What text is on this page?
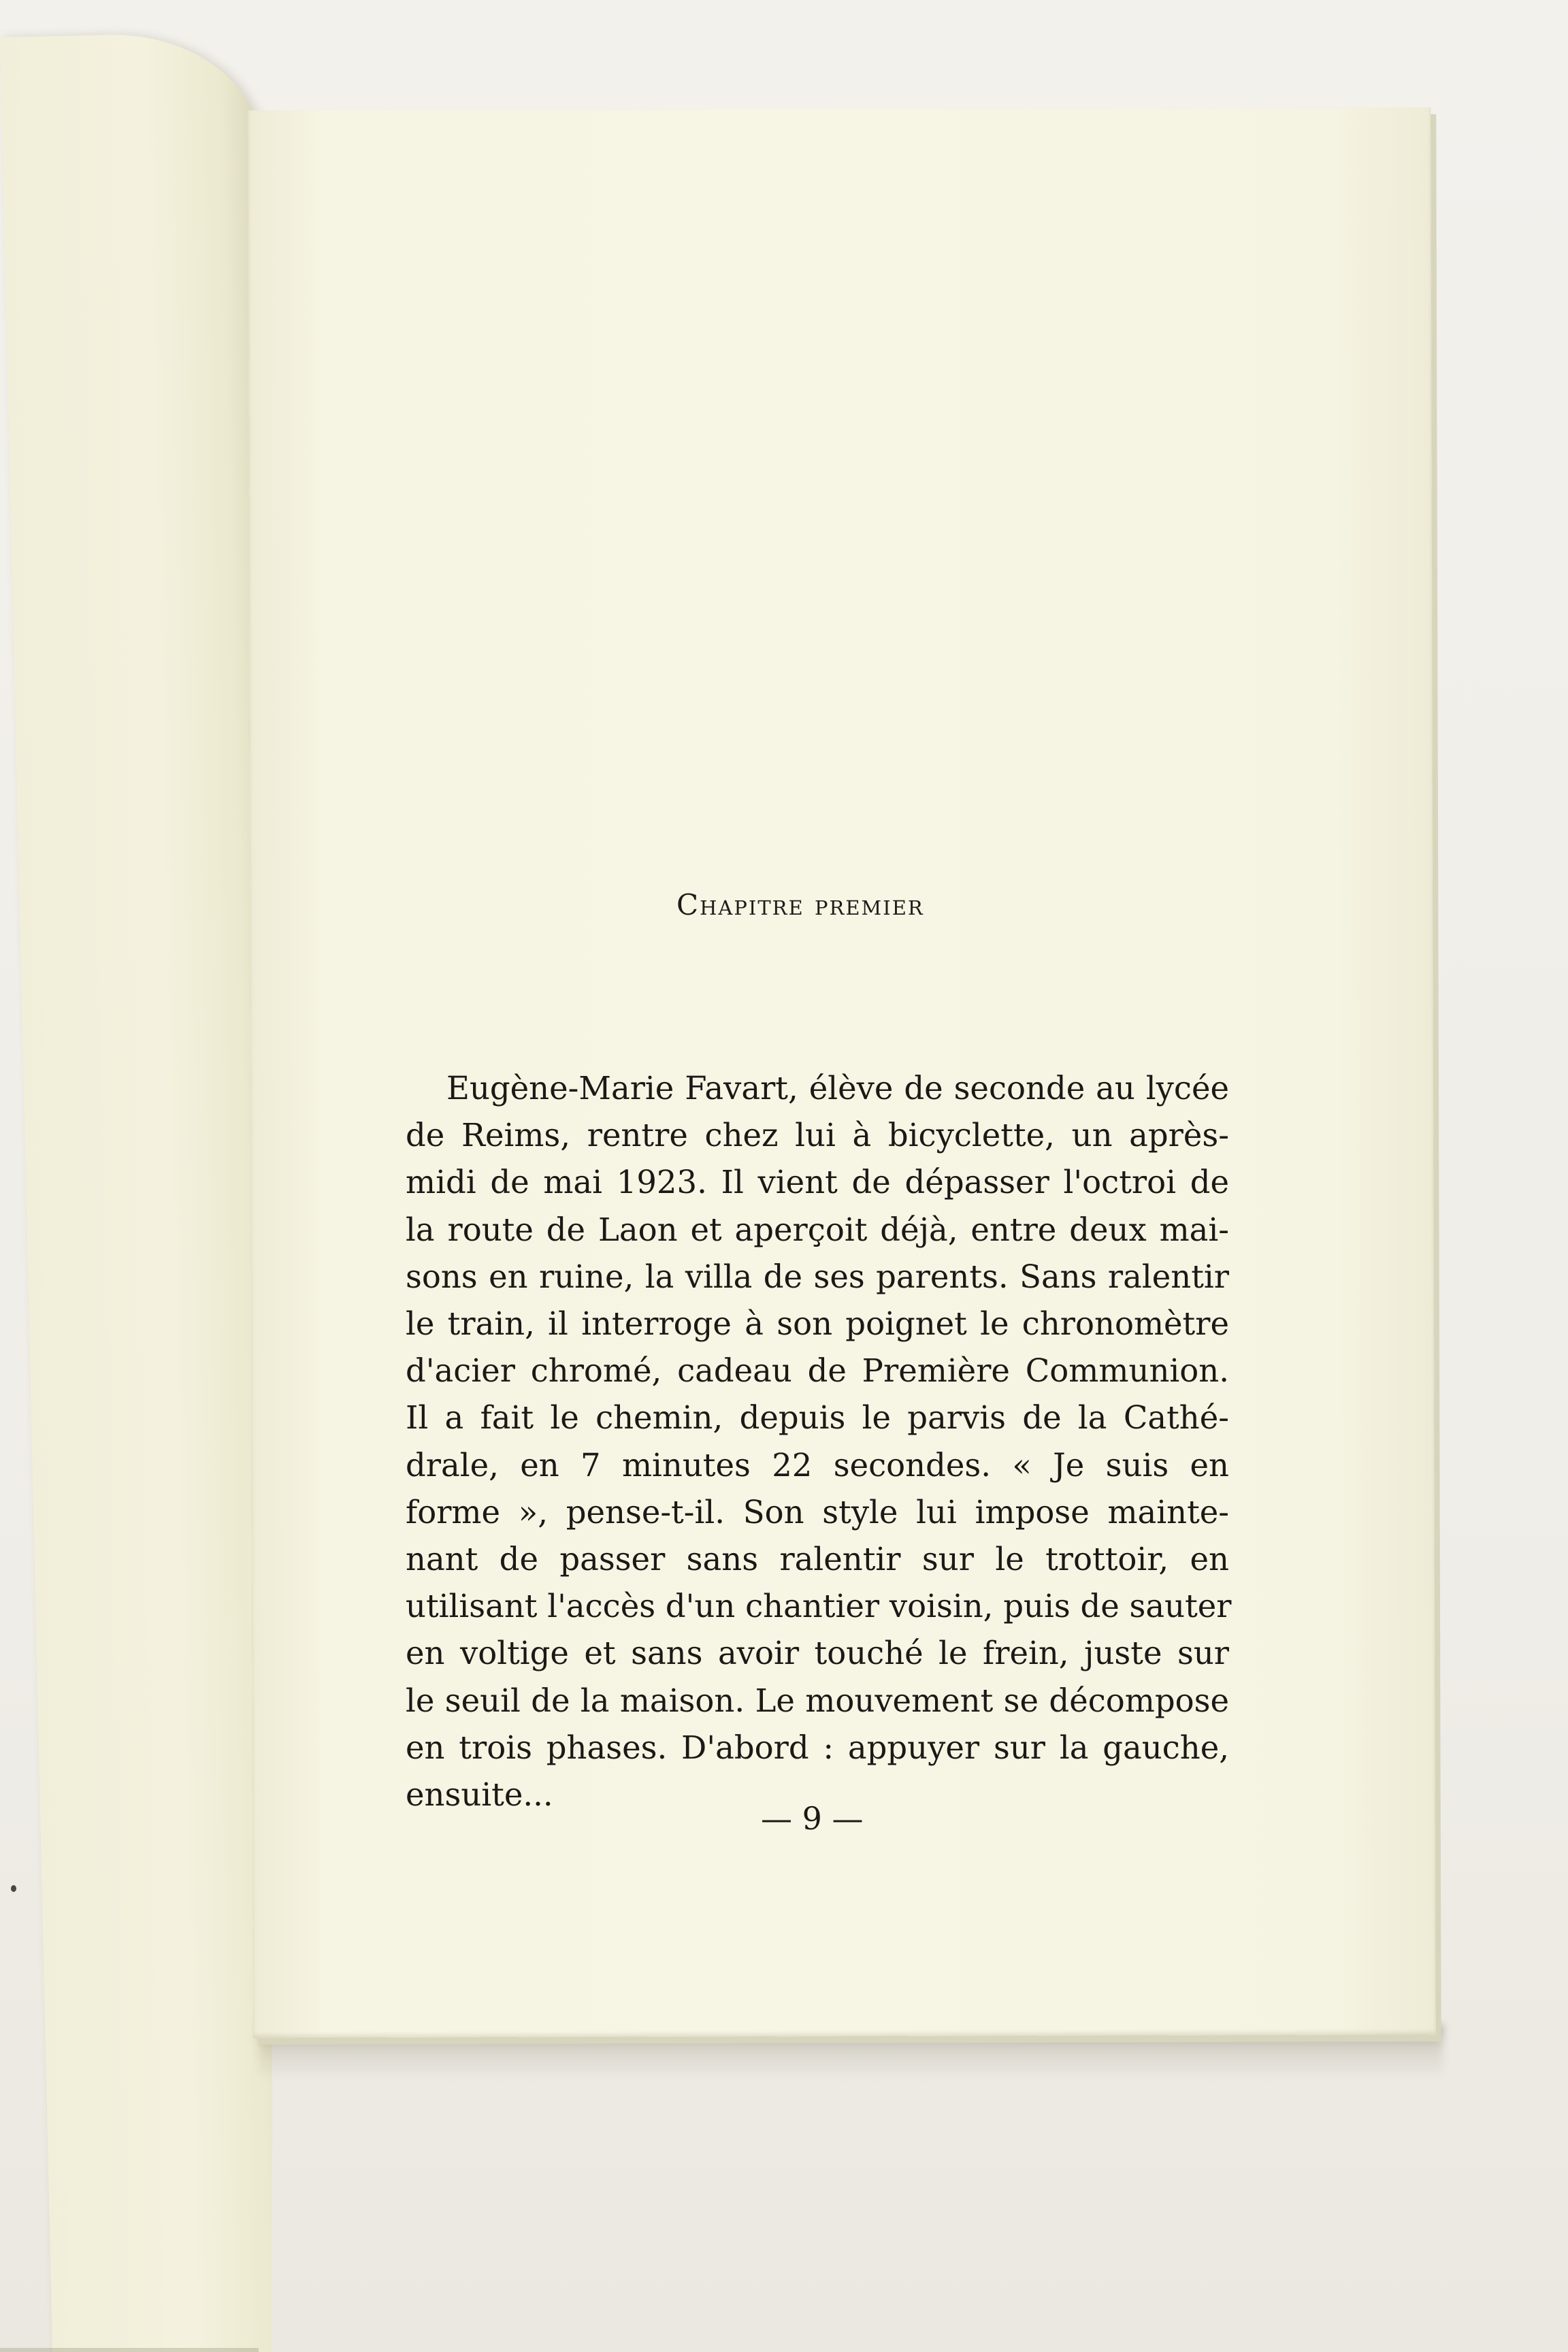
Chapitre premier

Eugène-Marie Favart, élève de seconde au lycée
de Reims, rentre chez lui à bicyclette, un après-
midi de mai 1923. Il vient de dépasser l'octroi de
la route de Laon et aperçoit déjà, entre deux mai-
sons en ruine, la villa de ses parents. Sans ralentir
le train, il interroge à son poignet le chronomètre
d'acier chromé, cadeau de Première Communion.
Il a fait le chemin, depuis le parvis de la Cathé-
drale, en 7 minutes 22 secondes. « Je suis en
forme », pense-t-il. Son style lui impose mainte-
nant de passer sans ralentir sur le trottoir, en
utilisant l'accès d'un chantier voisin, puis de sauter
en voltige et sans avoir touché le frein, juste sur
le seuil de la maison. Le mouvement se décompose
en trois phases. D'abord : appuyer sur la gauche,
ensuite...

— 9 —
